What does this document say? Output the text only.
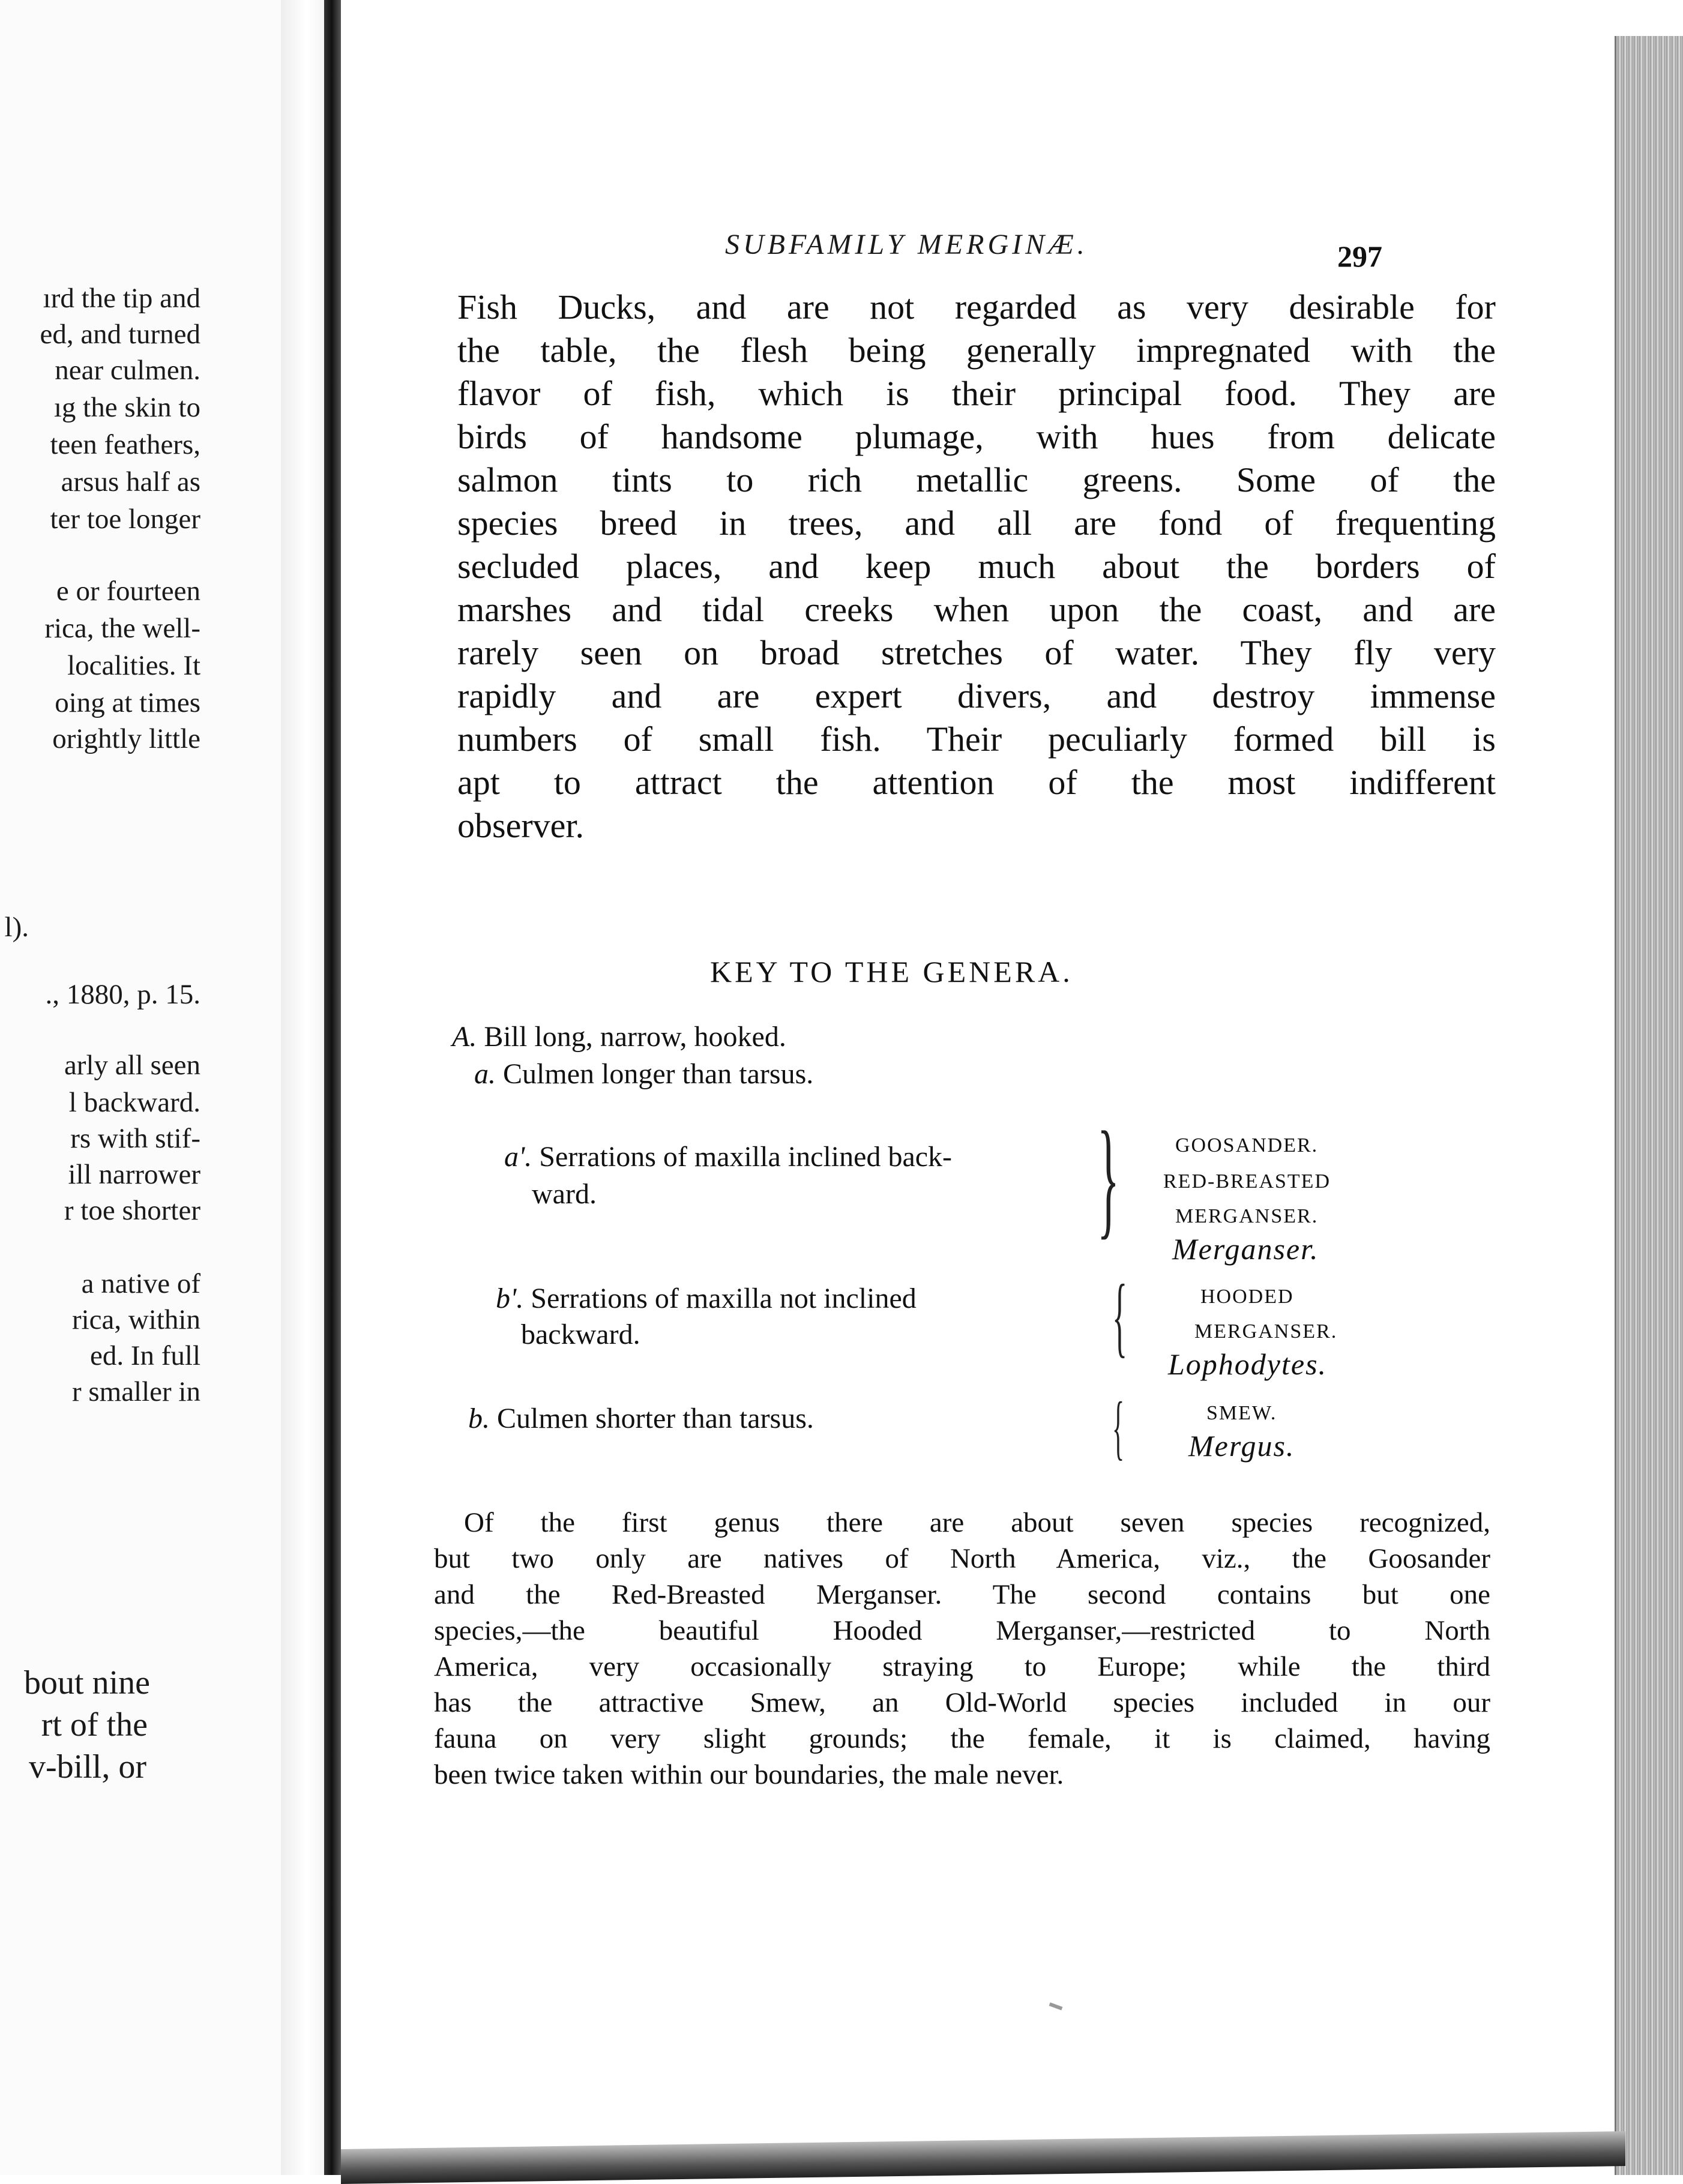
ırd the tip and
ed, and turned
near culmen.
ıg the skin to
teen feathers,
arsus half as
ter toe longer
e or fourteen
rica, the well-
localities. It
oing at times
orightly little
l).
., 1880, p. 15.
arly all seen
l backward.
rs with stif-
ill narrower
r toe shorter
a native of
rica, within
ed. In full
r smaller in
bout nine
rt of the
v-bill, or
SUBFAMILY MERGINÆ.	297
Fish Ducks, and are not regarded as very desirable for
the table, the flesh being generally impregnated with the
flavor of fish, which is their principal food. They are
birds of handsome plumage, with hues from delicate
salmon tints to rich metallic greens. Some of the
species breed in trees, and all are fond of frequenting
secluded places, and keep much about the borders of
marshes and tidal creeks when upon the coast, and are
rarely seen on broad stretches of water. They fly very
rapidly and are expert divers, and destroy immense
numbers of small fish. Their peculiarly formed bill is
apt to attract the attention of the most indifferent
observer.
KEY TO THE GENERA.
A. Bill long, narrow, hooked.
a. Culmen longer than tarsus.
a'. Serrations of maxilla inclined back-
ward.	}	GOOSANDER.
RED-BREASTED
MERGANSER.
Merganser.
b'. Serrations of maxilla not inclined
backward.	{	HOODED
MERGANSER.
Lophodytes.
b. Culmen shorter than tarsus.	{	SMEW.
Mergus.
Of the first genus there are about seven species recognized,
but two only are natives of North America, viz., the Goosander
and the Red-Breasted Merganser. The second contains but one
species,—the beautiful Hooded Merganser,—restricted to North
America, very occasionally straying to Europe; while the third
has the attractive Smew, an Old-World species included in our
fauna on very slight grounds; the female, it is claimed, having
been twice taken within our boundaries, the male never.
